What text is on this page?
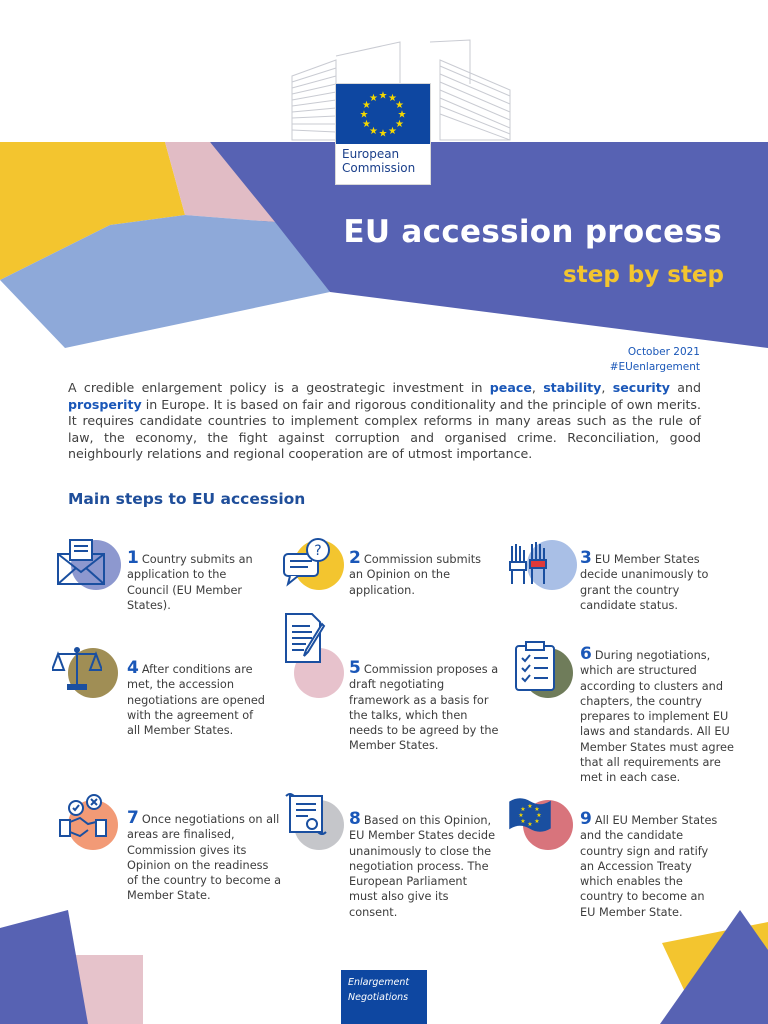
★ ★
★
★
★
★
★
★
★
★
★
★
European
Commission
EU accession process
step by step
October 2021
#EUenlargement
A credible enlargement policy is a geostrategic investment in peace, stability, security and prosperity in Europe. It is based on fair and rigorous conditionality and the principle of own merits. It requires candidate countries to implement complex reforms in many areas such as the rule of law, the economy, the fight against corruption and organised crime. Reconciliation, good neighbourly relations and regional cooperation are of utmost importance.
Main steps to EU accession
1 Country submits an application to the Council (EU Member States).
? 2 Commission submits an Opinion on the application.
3 EU Member States decide unanimously to grant the country candidate status.
4 After conditions are met, the accession negotiations are opened with the agreement of all Member States.
5 Commission proposes a draft negotiating framework as a basis for the talks, which then needs to be agreed by the Member States.
6 During negotiations, which are structured according to clusters and chapters, the country prepares to implement EU laws and standards. All EU Member States must agree that all requirements are met in each case.
7 Once negotiations on all areas are finalised, Commission gives its Opinion on the readiness of the country to become a Member State.
8 Based on this Opinion, EU Member States decide unanimously to close the negotiation process. The European Parliament must also give its consent.
★ ★
★
★
★
★
★
★	9 All EU Member States and the candidate country sign and ratify an Accession Treaty which enables the country to become an EU Member State.
Enlargement
Negotiations
